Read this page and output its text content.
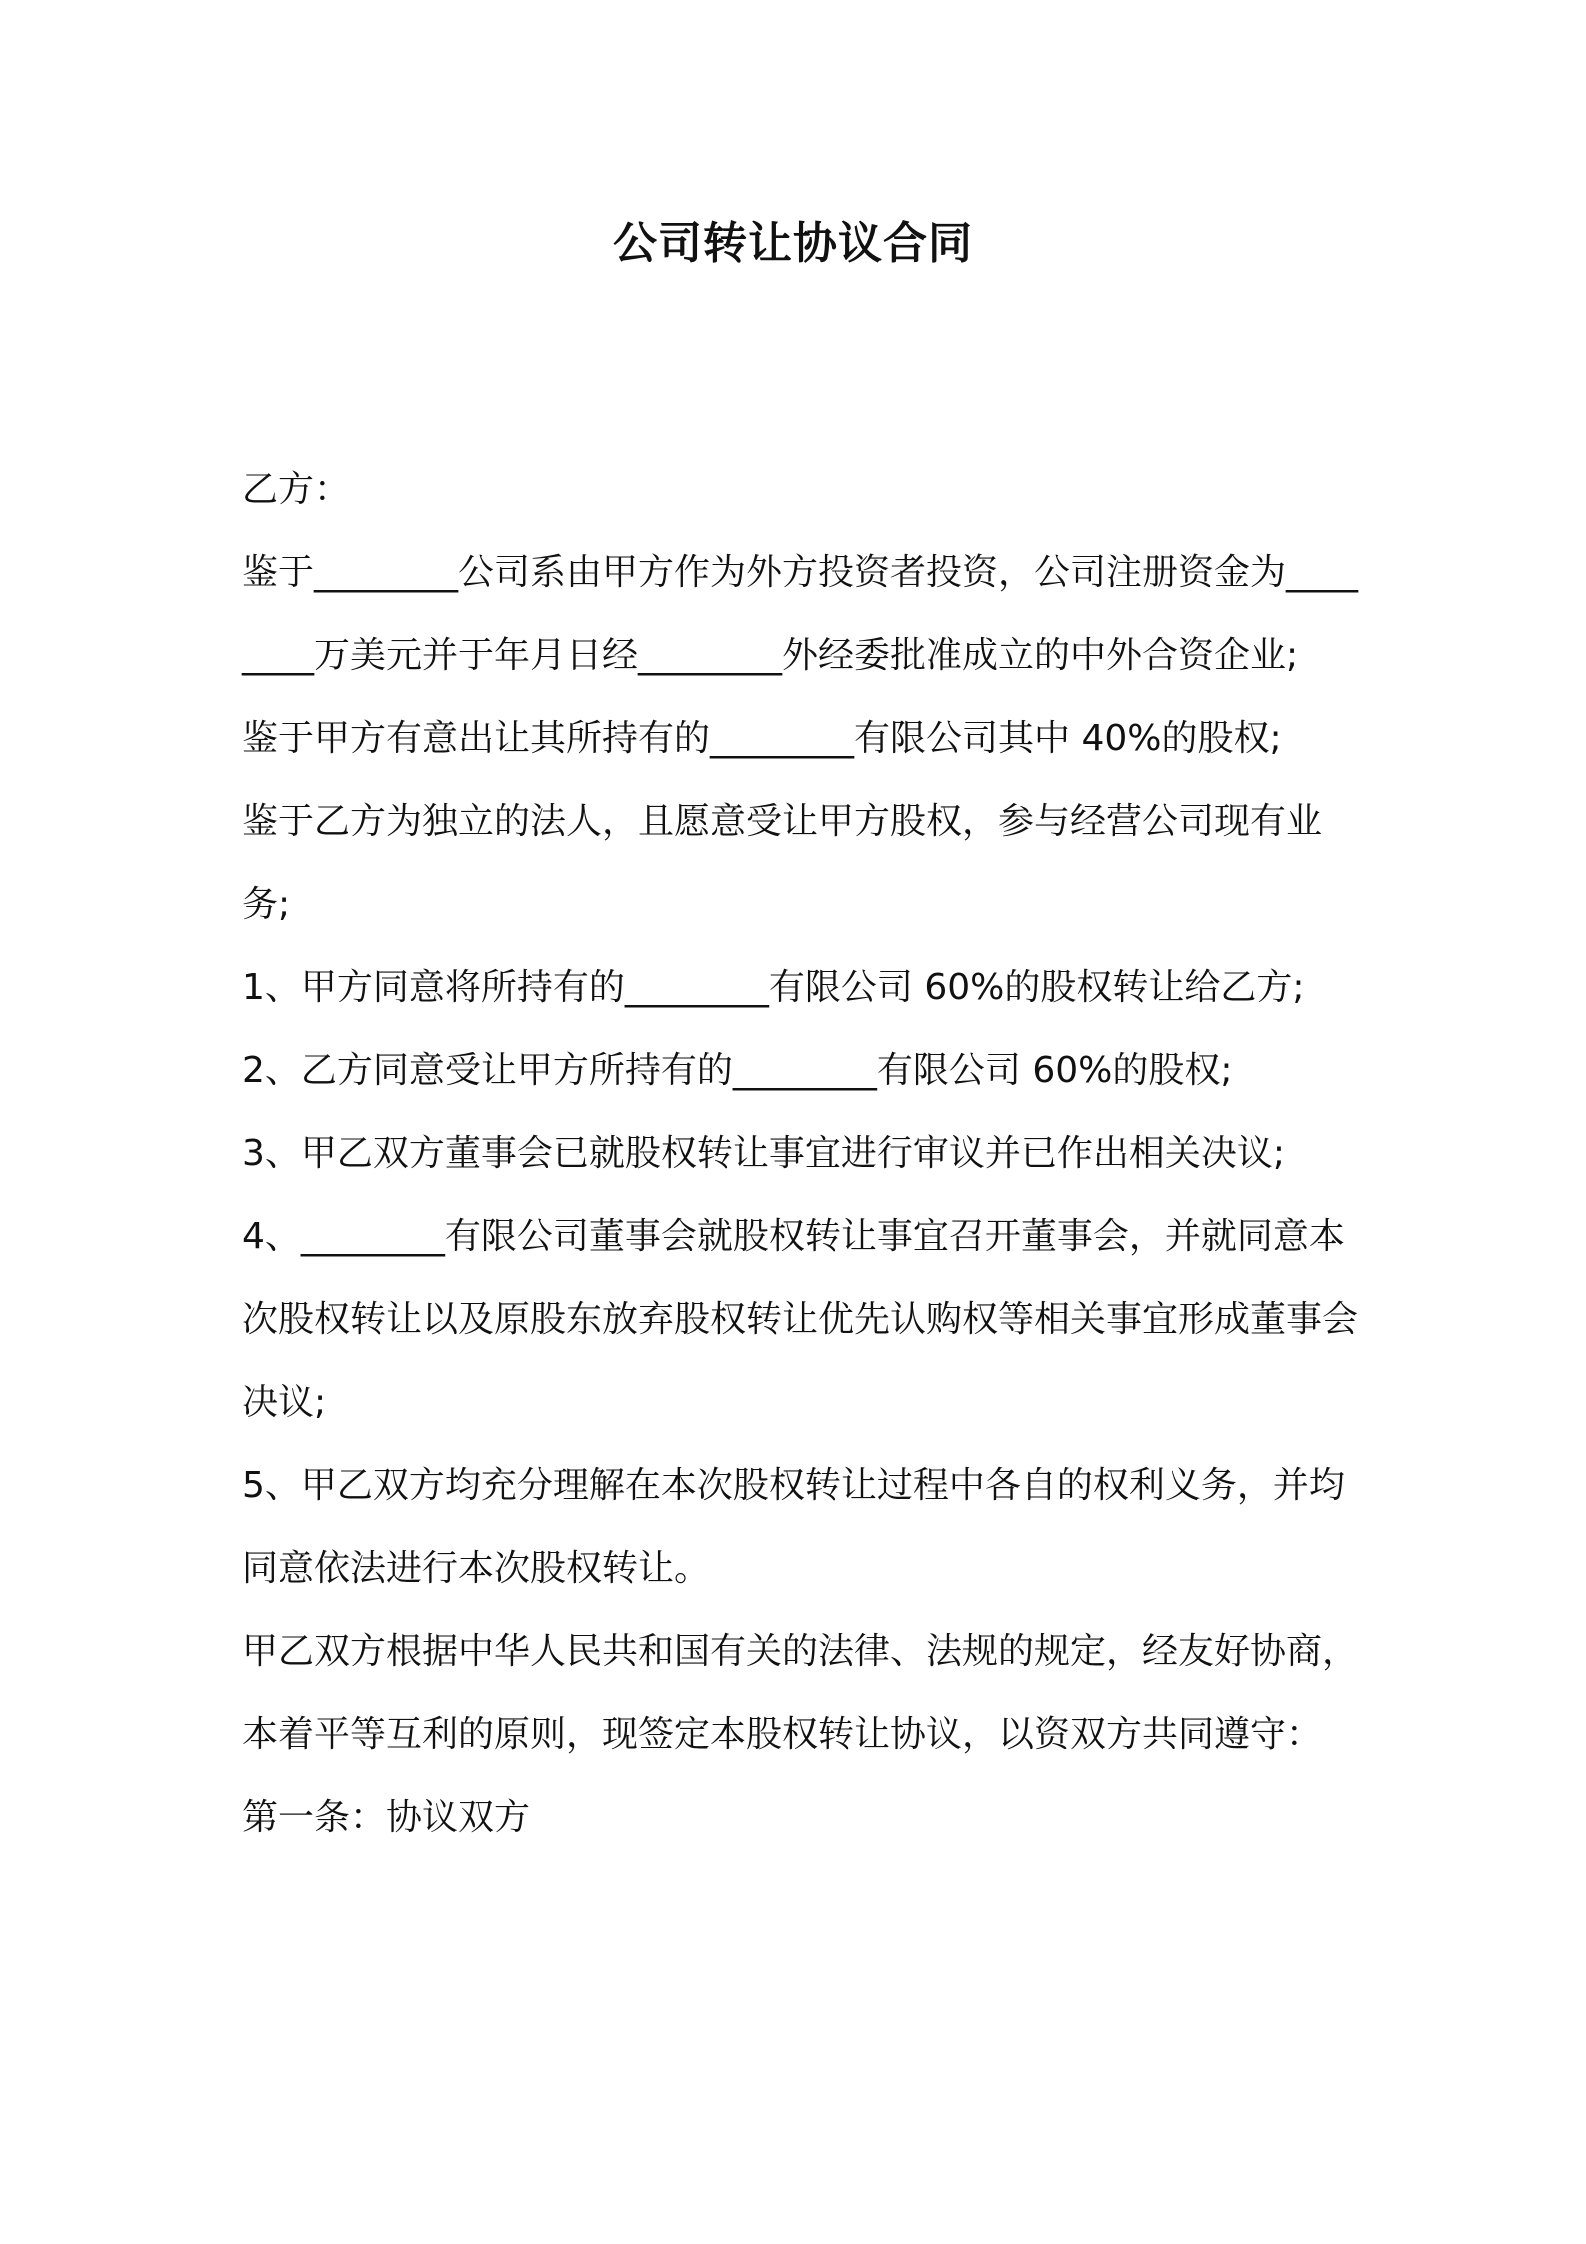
公司转让协议合同

乙方：

鉴于________公司系由甲方作为外方投资者投资，公司注册资金为________万美元并于年月日经________外经委批准成立的中外合资企业;

鉴于甲方有意出让其所持有的________有限公司其中 40%的股权;

鉴于乙方为独立的法人，且愿意受让甲方股权，参与经营公司现有业务;

1、甲方同意将所持有的________有限公司 60%的股权转让给乙方;

2、乙方同意受让甲方所持有的________有限公司 60%的股权;

3、甲乙双方董事会已就股权转让事宜进行审议并已作出相关决议;

4、________有限公司董事会就股权转让事宜召开董事会，并就同意本次股权转让以及原股东放弃股权转让优先认购权等相关事宜形成董事会决议;

5、甲乙双方均充分理解在本次股权转让过程中各自的权利义务，并均同意依法进行本次股权转让。

甲乙双方根据中华人民共和国有关的法律、法规的规定，经友好协商，本着平等互利的原则，现签定本股权转让协议，以资双方共同遵守：

第一条：协议双方
